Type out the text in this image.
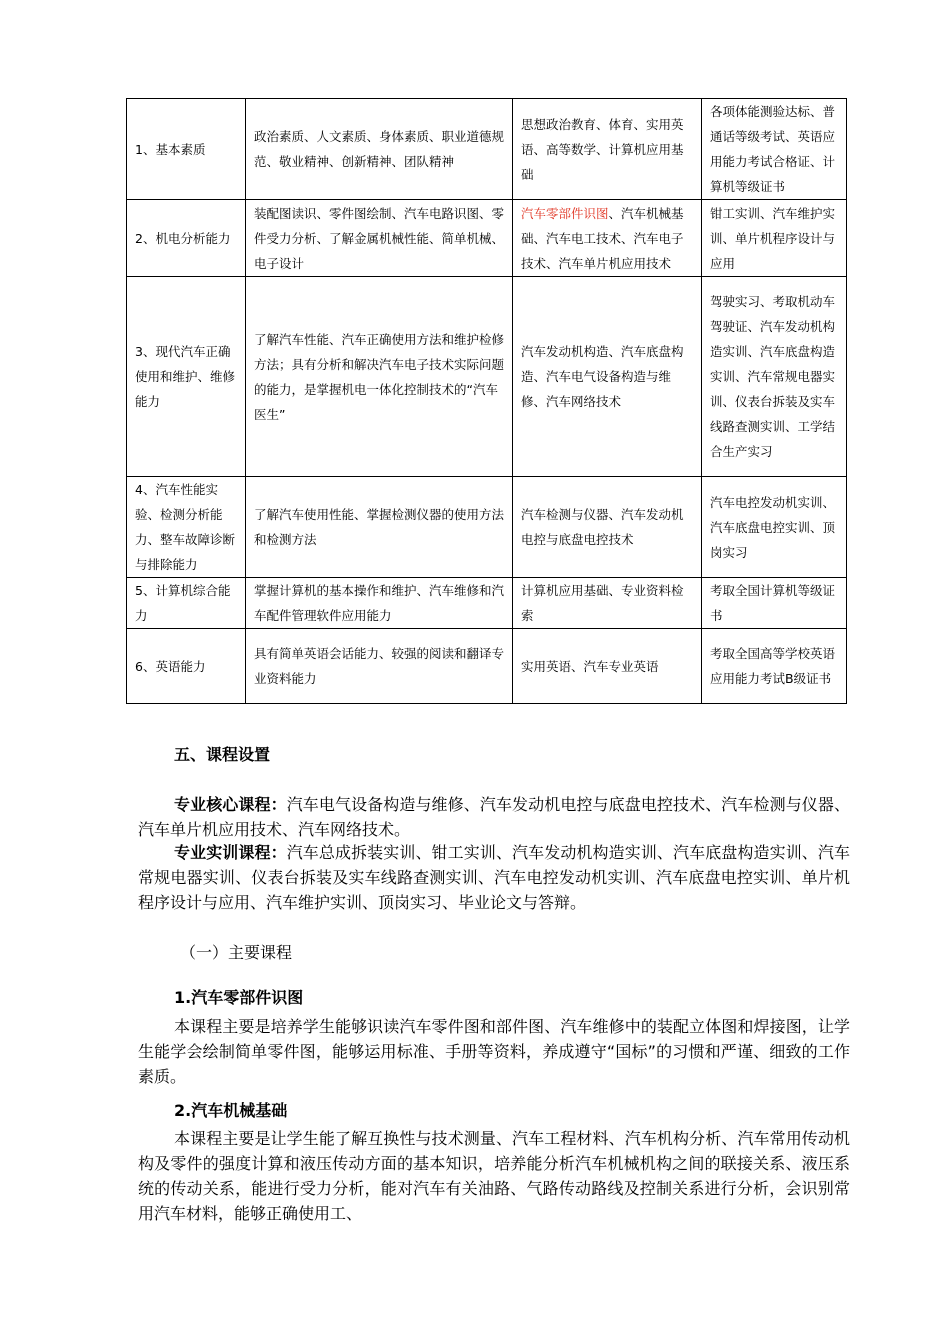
1、基本素质	政治素质、人文素质、身体素质、职业道德规范、敬业精神、创新精神、团队精神	思想政治教育、体育、实用英语、高等数学、计算机应用基础	各项体能测验达标、普通话等级考试、英语应用能力考试合格证、计算机等级证书
2、机电分析能力	装配图读识、零件图绘制、汽车电路识图、零件受力分析、了解金属机械性能、简单机械、电子设计	汽车零部件识图、汽车机械基础、汽车电工技术、汽车电子技术、汽车单片机应用技术	钳工实训、汽车维护实训、单片机程序设计与应用
3、现代汽车正确使用和维护、维修能力	了解汽车性能、汽车正确使用方法和维护检修方法；具有分析和解决汽车电子技术实际问题的能力，是掌握机电一体化控制技术的“汽车医生”	汽车发动机构造、汽车底盘构造、汽车电气设备构造与维修、汽车网络技术	驾驶实习、考取机动车驾驶证、汽车发动机构造实训、汽车底盘构造实训、汽车常规电器实训、仪表台拆装及实车线路查测实训、工学结合生产实习
4、汽车性能实验、检测分析能力、整车故障诊断与排除能力	了解汽车使用性能、掌握检测仪器的使用方法和检测方法	汽车检测与仪器、汽车发动机电控与底盘电控技术	汽车电控发动机实训、汽车底盘电控实训、顶岗实习
5、计算机综合能力	掌握计算机的基本操作和维护、汽车维修和汽车配件管理软件应用能力	计算机应用基础、专业资料检索	考取全国计算机等级证书
6、英语能力	具有简单英语会话能力、较强的阅读和翻译专业资料能力	实用英语、汽车专业英语	考取全国高等学校英语应用能力考试B级证书
五、课程设置
专业核心课程：汽车电气设备构造与维修、汽车发动机电控与底盘电控技术、汽车检测与仪器、汽车单片机应用技术、汽车网络技术。
专业实训课程：汽车总成拆装实训、钳工实训、汽车发动机构造实训、汽车底盘构造实训、汽车常规电器实训、仪表台拆装及实车线路查测实训、汽车电控发动机实训、汽车底盘电控实训、单片机程序设计与应用、汽车维护实训、顶岗实习、毕业论文与答辩。
（一）主要课程
1.汽车零部件识图
本课程主要是培养学生能够识读汽车零件图和部件图、汽车维修中的装配立体图和焊接图，让学生能学会绘制简单零件图，能够运用标准、手册等资料，养成遵守“国标”的习惯和严谨、细致的工作素质。
2.汽车机械基础
本课程主要是让学生能了解互换性与技术测量、汽车工程材料、汽车机构分析、汽车常用传动机构及零件的强度计算和液压传动方面的基本知识，培养能分析汽车机械机构之间的联接关系、液压系统的传动关系，能进行受力分析，能对汽车有关油路、气路传动路线及控制关系进行分析，会识别常用汽车材料，能够正确使用工、
